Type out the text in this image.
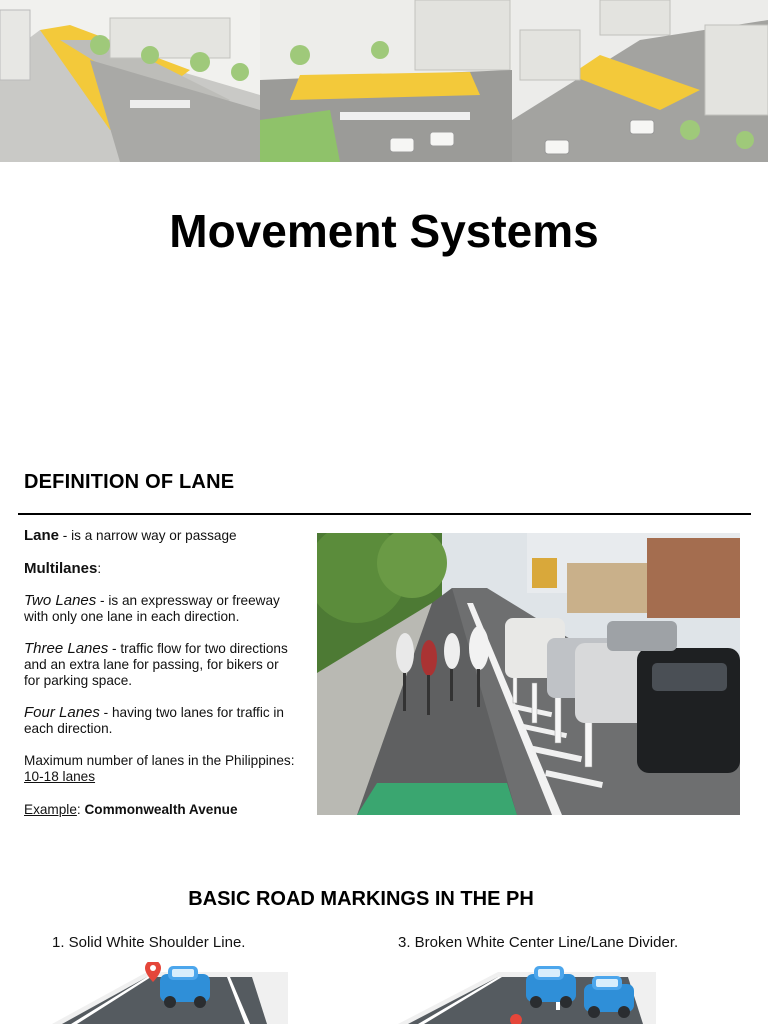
Movement Systems
DEFINITION OF LANE

Lane - is a narrow way or passage

Multilanes:

Two Lanes - is an expressway or freeway with only one lane in each direction.

Three Lanes - traffic flow for two directions and an extra lane for passing, for bikers or for parking space.

Four Lanes - having two lanes for traffic in each direction.

Maximum number of lanes in the Philippines: 10-18 lanes

Example: Commonwealth Avenue

BASIC ROAD MARKINGS IN THE PH
1. Solid White Shoulder Line.	3. Broken White Center Line/Lane Divider.
